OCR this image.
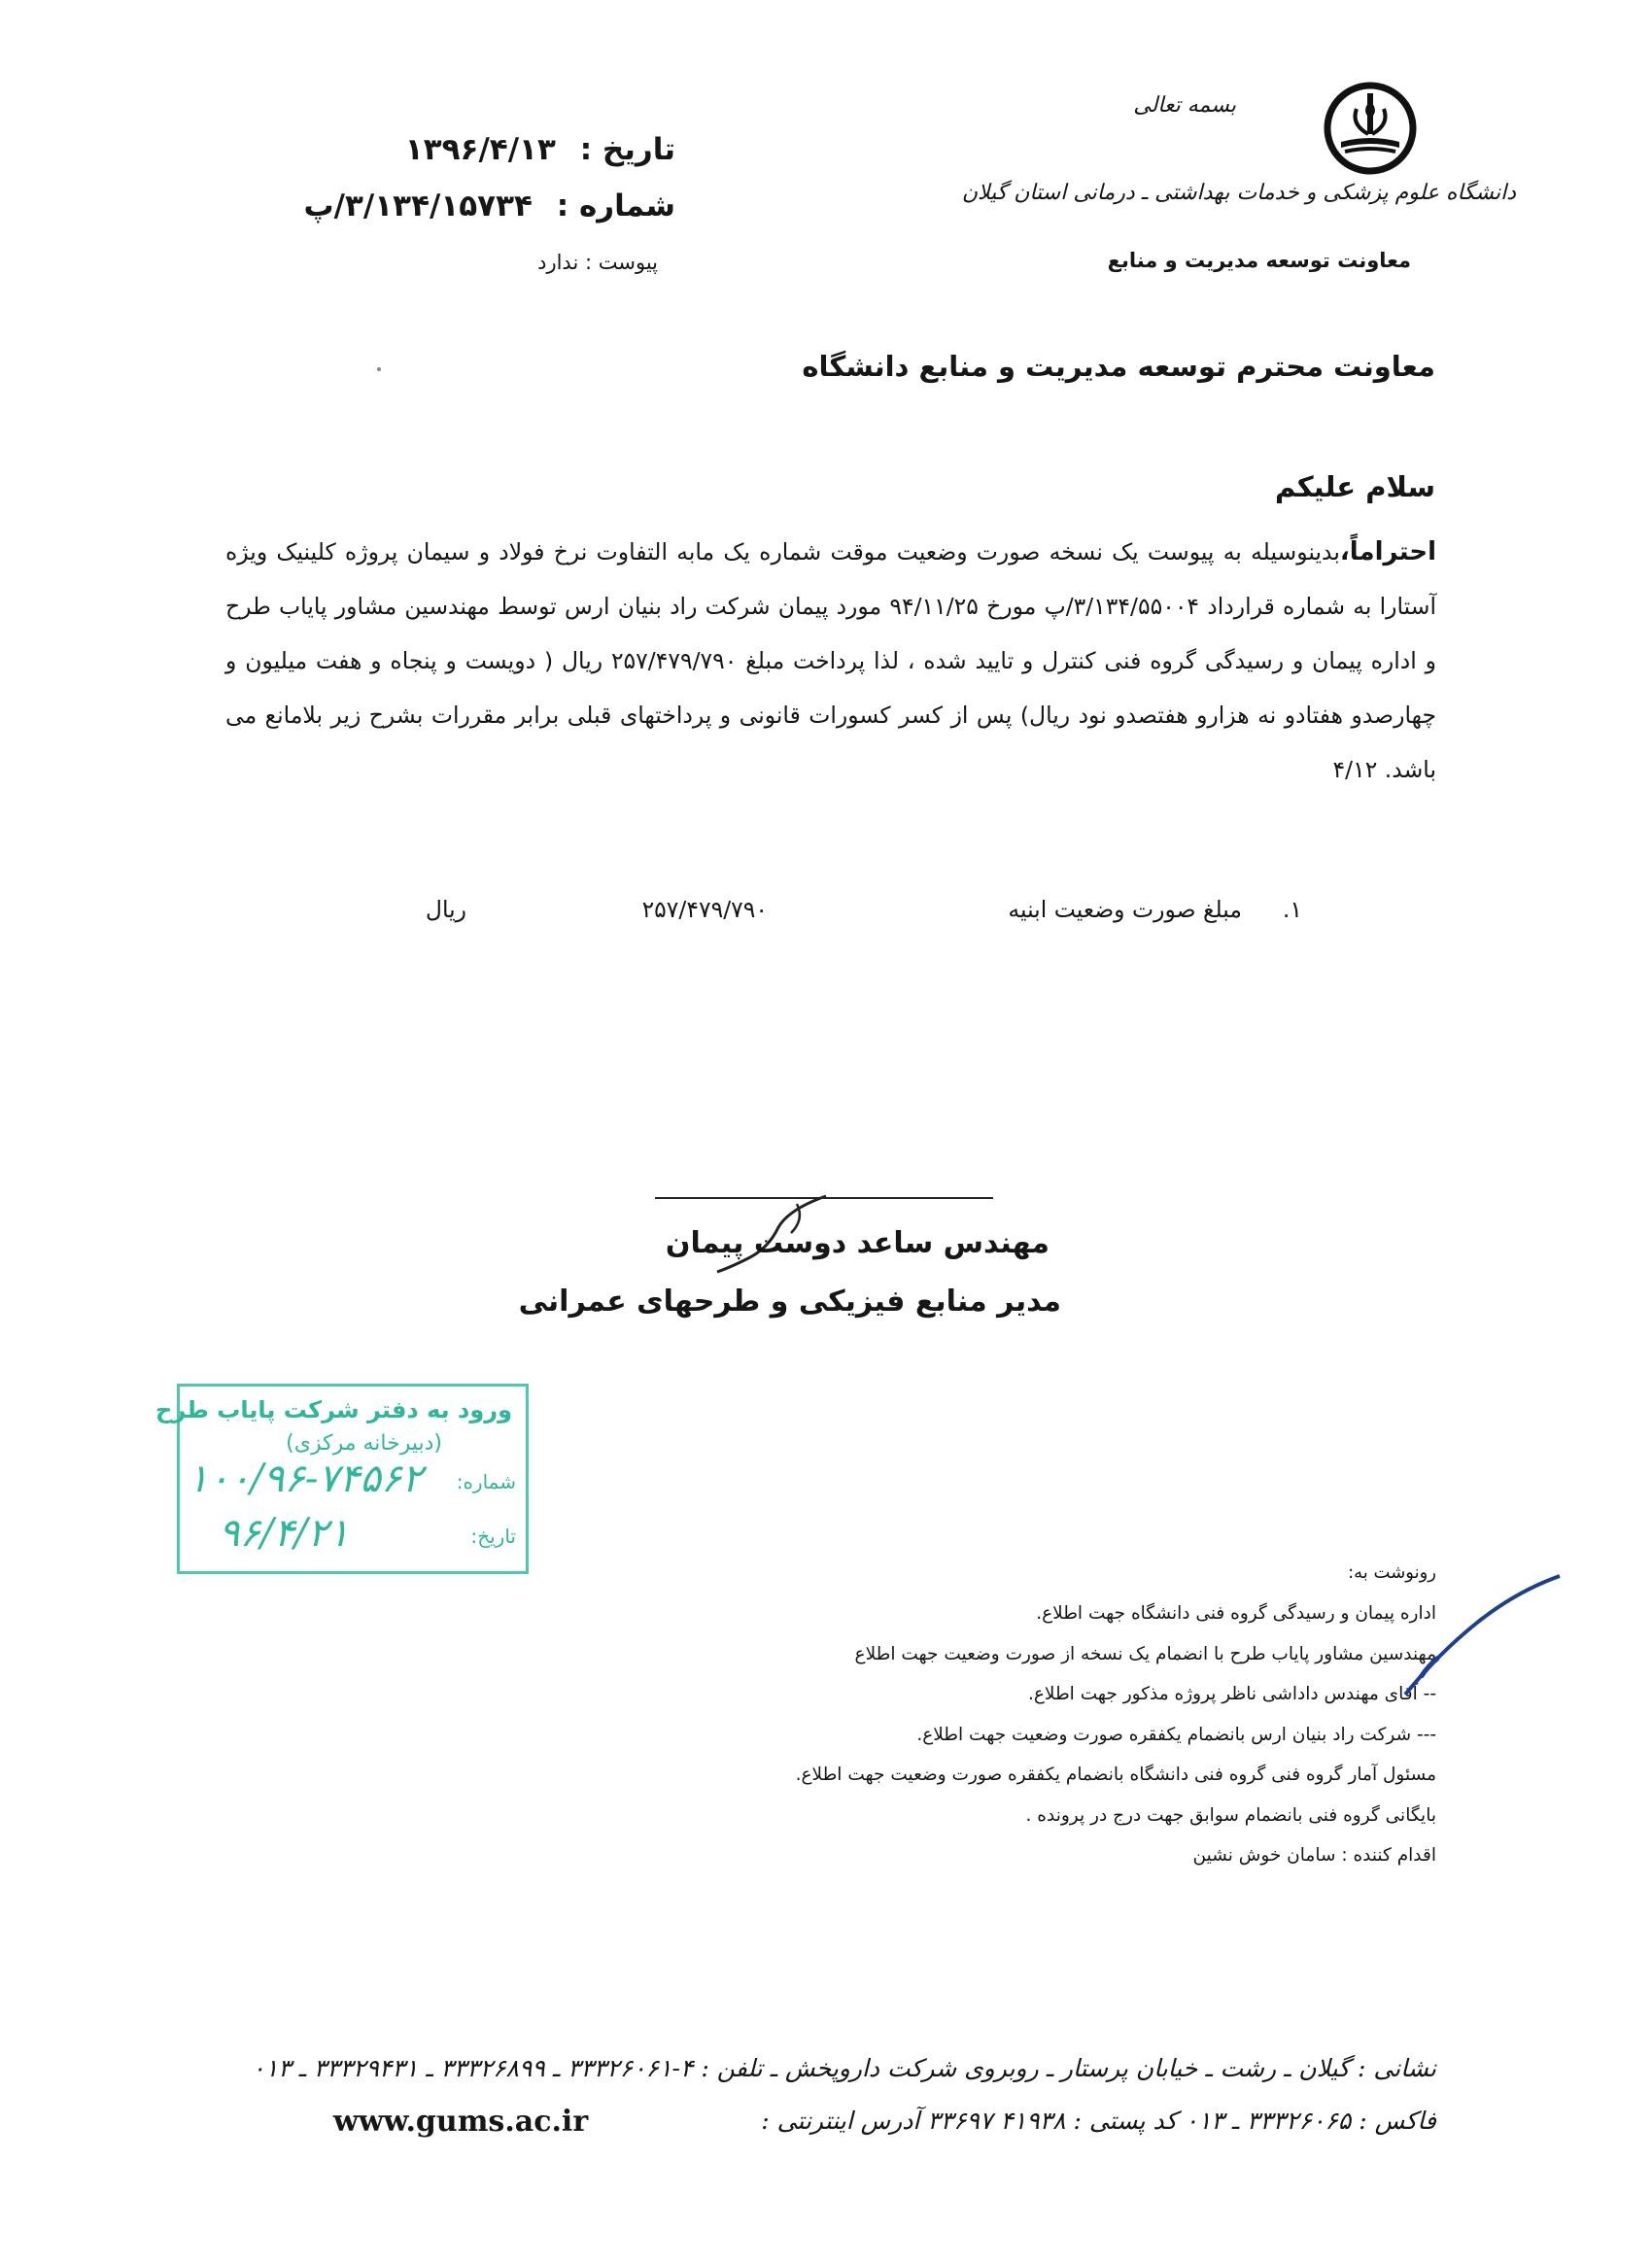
بسمه تعالی
دانشگاه علوم پزشکی و خدمات بهداشتی ـ درمانی استان گیلان
معاونت توسعه مدیریت و منابع
تاریخ : ۱۳۹۶/۴/۱۳
شماره : ۳/۱۳۴/۱۵۷۳۴/پ
پیوست : ندارد
معاونت محترم توسعه مدیریت و منابع دانشگاه
سلام علیکم

احتراماً،بدینوسیله به پیوست یک نسخه صورت وضعیت موقت شماره یک مابه التفاوت نرخ فولاد و سیمان پروژه کلینیک ویژه آستارا به شماره قرارداد ۳/۱۳۴/۵۵۰۰۴/پ مورخ ۹۴/۱۱/۲۵ مورد پیمان شرکت راد بنیان ارس توسط مهندسین مشاور پایاب طرح و اداره پیمان و رسیدگی گروه فنی کنترل و تایید شده ، لذا پرداخت مبلغ ۲۵۷/۴۷۹/۷۹۰ ریال ( دویست و پنجاه و هفت میلیون و چهارصدو هفتادو نه هزارو هفتصدو نود ریال) پس از کسر کسورات قانونی و پرداختهای قبلی برابر مقررات بشرح زیر بلامانع می باشد. ۴/۱۲

۱.
مبلغ صورت وضعیت ابنیه
۲۵۷/۴۷۹/۷۹۰
ریال
مهندس ساعد دوست پیمان
مدیر منابع فیزیکی و طرحهای عمرانی
ورود به دفتر شرکت پایاب طرح
(دبیرخانه مرکزی)
شماره:
۱۰۰/۹۶-۷۴۵۶۲
تاریخ:
۹۶/۴/۲۱
رونوشت به:
اداره پیمان و رسیدگی گروه فنی دانشگاه جهت اطلاع.
مهندسین مشاور پایاب طرح با انضمام یک نسخه از صورت وضعیت جهت اطلاع
-- آقای مهندس داداشی ناظر پروژه مذکور جهت اطلاع.
--- شرکت راد بنیان ارس بانضمام یکفقره صورت وضعیت جهت اطلاع.
مسئول آمار گروه فنی گروه فنی دانشگاه بانضمام یکفقره صورت وضعیت جهت اطلاع.
بایگانی گروه فنی بانضمام سوابق جهت درج در پرونده .
اقدام کننده : سامان خوش نشین
نشانی : گیلان ـ رشت ـ خیابان پرستار ـ روبروی شرکت داروپخش ـ تلفن : ۴-۳۳۳۲۶۰۶۱ ـ ۳۳۳۲۶۸۹۹ ـ ۳۳۳۲۹۴۳۱ ـ ۰۱۳
فاکس : ۳۳۳۲۶۰۶۵ ـ ۰۱۳ کد پستی : ۴۱۹۳۸ ۳۳۶۹۷ آدرس اینترنتی :
www.gums.ac.ir
